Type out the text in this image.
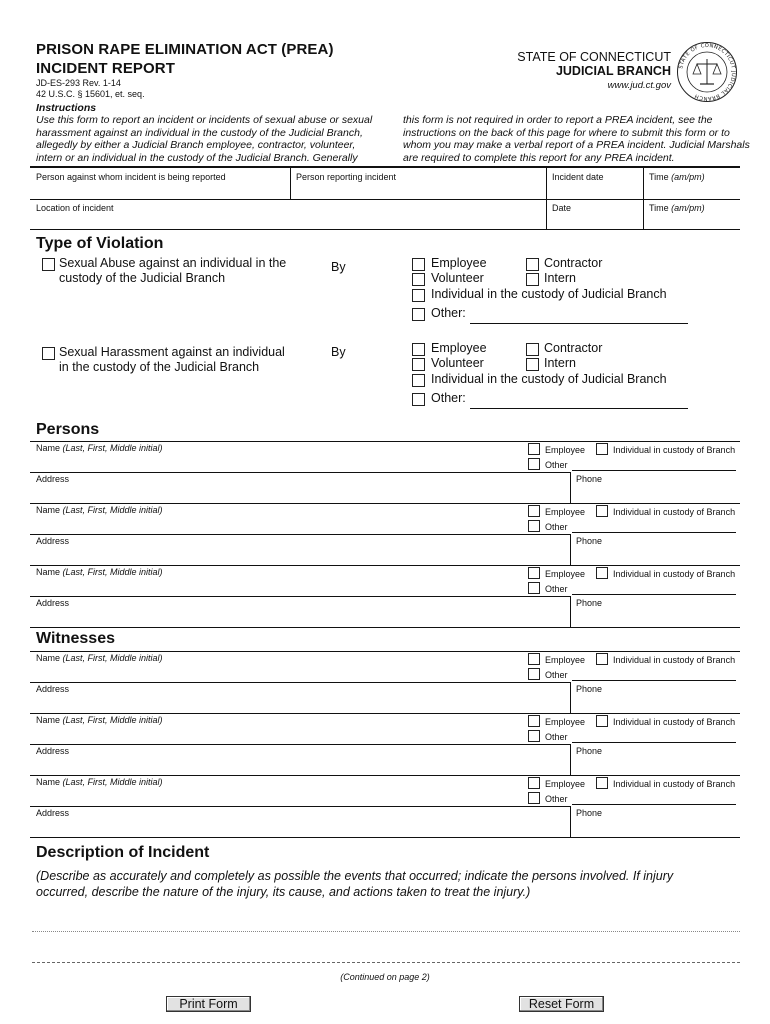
PRISON RAPE ELIMINATION ACT (PREA)
INCIDENT REPORT
JD-ES-293 Rev. 1-14
42 U.S.C. § 15601, et. seq.
STATE OF CONNECTICUT
JUDICIAL BRANCH
www.jud.ct.gov
STATE OF CONNECTICUT JUDICIAL BRANCH
Instructions
Use this form to report an incident or incidents of sexual abuse or sexual
harassment against an individual in the custody of the Judicial Branch,
allegedly by either a Judicial Branch employee, contractor, volunteer,
intern or an individual in the custody of the Judicial Branch. Generally
this form is not required in order to report a PREA incident, see the
instructions on the back of this page for where to submit this form or to
whom you may make a verbal report of a PREA incident. Judicial Marshals
are required to complete this report for any PREA incident.
Person against whom incident is being reported	Person reporting incident	Incident date	Time (am/pm)
Location of incident	Date	Time (am/pm)
Type of Violation
Sexual Abuse against an individual in the
custody of the Judicial Branch
By	Employee	Contractor
Volunteer	Intern
Individual in the custody of Judicial Branch
Other:
Sexual Harassment against an individual
in the custody of the Judicial Branch
By	Employee	Contractor
Volunteer	Intern
Individual in the custody of Judicial Branch
Other:
Persons
Witnesses
Name (Last, First, Middle initial)	Employee	Individual in custody of Branch
Other
Address	Phone
Name (Last, First, Middle initial)	Employee	Individual in custody of Branch
Other
Address	Phone
Name (Last, First, Middle initial)	Employee	Individual in custody of Branch
Other
Address	Phone
Name (Last, First, Middle initial)	Employee	Individual in custody of Branch
Other
Address	Phone
Name (Last, First, Middle initial)	Employee	Individual in custody of Branch
Other
Address	Phone
Name (Last, First, Middle initial)	Employee	Individual in custody of Branch
Other
Address	Phone
Description of Incident
(Describe as accurately and completely as possible the events that occurred; indicate the persons involved. If injury
occurred, describe the nature of the injury, its cause, and actions taken to treat the injury.)
(Continued on page 2)
Print Form	Reset Form
